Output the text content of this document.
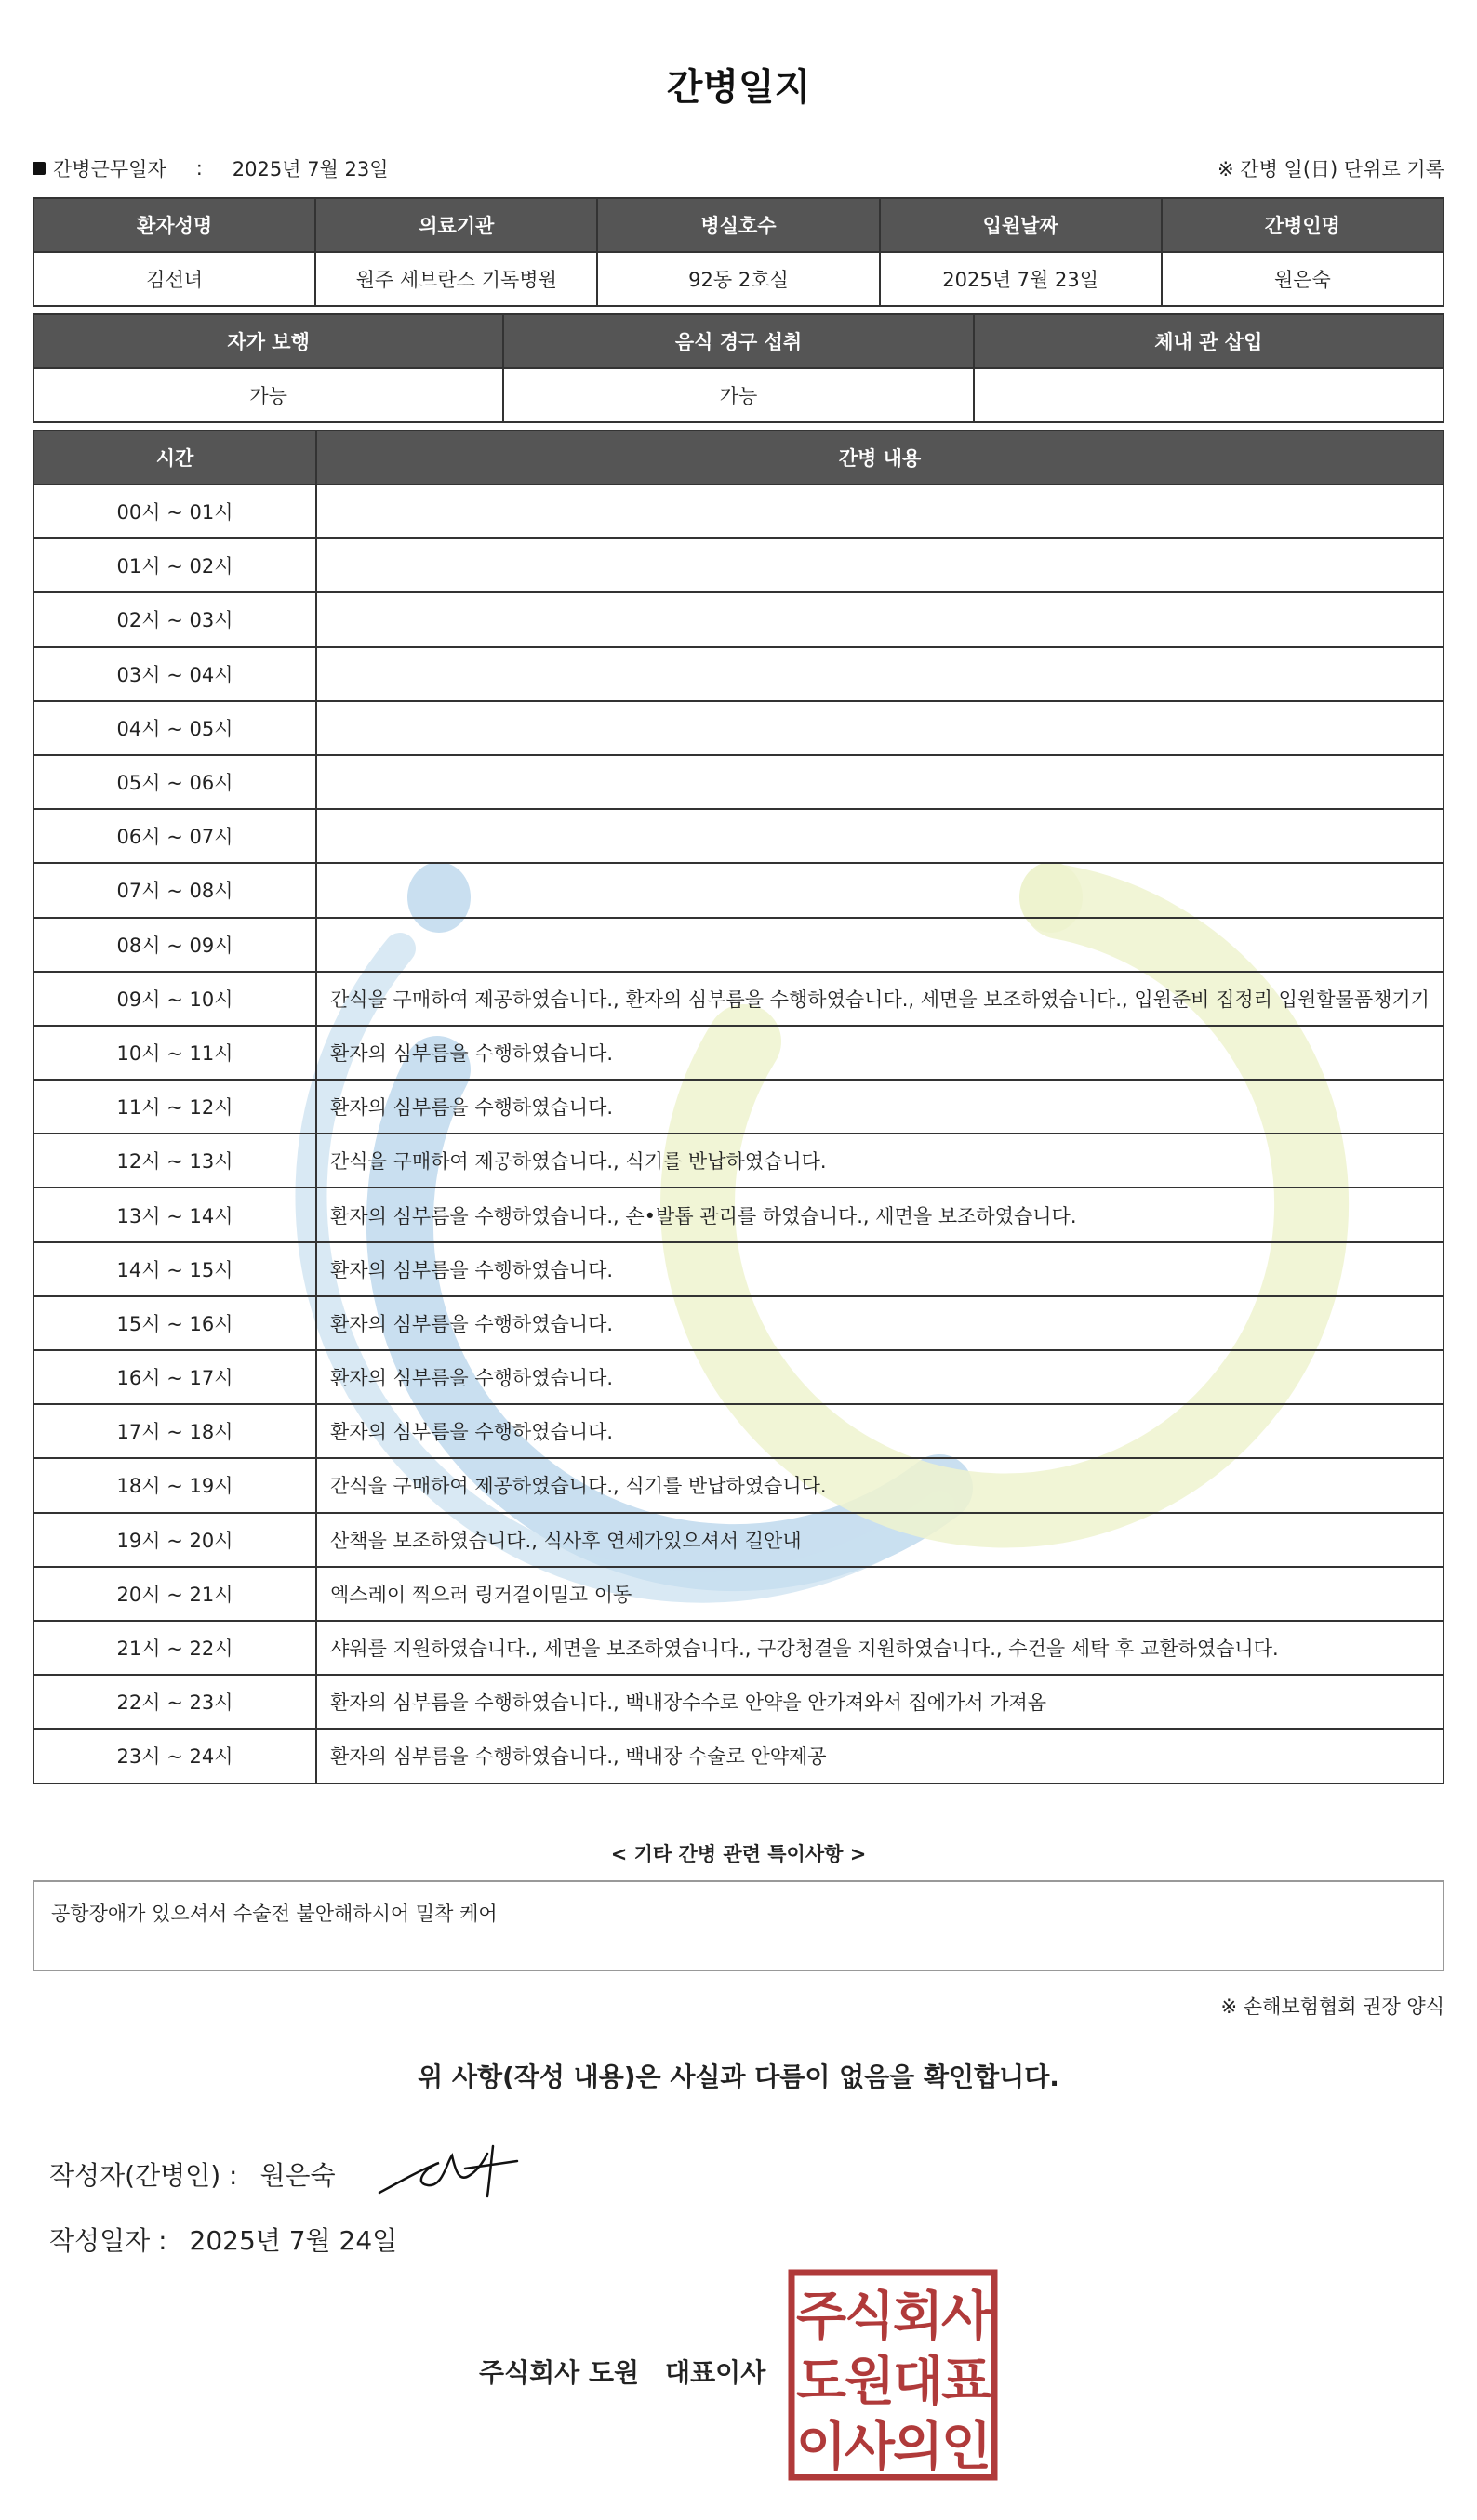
간병일지
간병근무일자 : 2025년 7월 23일	※ 간병 일(日) 단위로 기록
환자성명	의료기관	병실호수	입원날짜	간병인명
김선녀	원주 세브란스 기독병원	92동 2호실	2025년 7월 23일	원은숙
자가 보행	음식 경구 섭취	체내 관 삽입
가능	가능	
시간	간병 내용
00시 ~ 01시	
01시 ~ 02시	
02시 ~ 03시	
03시 ~ 04시	
04시 ~ 05시	
05시 ~ 06시	
06시 ~ 07시	
07시 ~ 08시	
08시 ~ 09시	
09시 ~ 10시	간식을 구매하여 제공하였습니다., 환자의 심부름을 수행하였습니다., 세면을 보조하였습니다., 입원준비 집정리 입원할물품챙기기
10시 ~ 11시	환자의 심부름을 수행하였습니다.
11시 ~ 12시	환자의 심부름을 수행하였습니다.
12시 ~ 13시	간식을 구매하여 제공하였습니다., 식기를 반납하였습니다.
13시 ~ 14시	환자의 심부름을 수행하였습니다., 손•발톱 관리를 하였습니다., 세면을 보조하였습니다.
14시 ~ 15시	환자의 심부름을 수행하였습니다.
15시 ~ 16시	환자의 심부름을 수행하였습니다.
16시 ~ 17시	환자의 심부름을 수행하였습니다.
17시 ~ 18시	환자의 심부름을 수행하였습니다.
18시 ~ 19시	간식을 구매하여 제공하였습니다., 식기를 반납하였습니다.
19시 ~ 20시	산책을 보조하였습니다., 식사후 연세가있으셔서 길안내
20시 ~ 21시	엑스레이 찍으러 링거걸이밀고 이동
21시 ~ 22시	샤워를 지원하였습니다., 세면을 보조하였습니다., 구강청결을 지원하였습니다., 수건을 세탁 후 교환하였습니다.
22시 ~ 23시	환자의 심부름을 수행하였습니다., 백내장수수로 안약을 안가져와서 집에가서 가져옴
23시 ~ 24시	환자의 심부름을 수행하였습니다., 백내장 수술로 안약제공
< 기타 간병 관련 특이사항 >
공항장애가 있으셔서 수술전 불안해하시어 밀착 케어
※ 손해보험협회 권장 양식
위 사항(작성 내용)은 사실과 다름이 없음을 확인합니다.
작성자(간병인) : 원은숙
작성일자 : 2025년 7월 24일
주식회사 도원 대표이사
주
식
회
사
도
원
대
표
이
사
의
인
